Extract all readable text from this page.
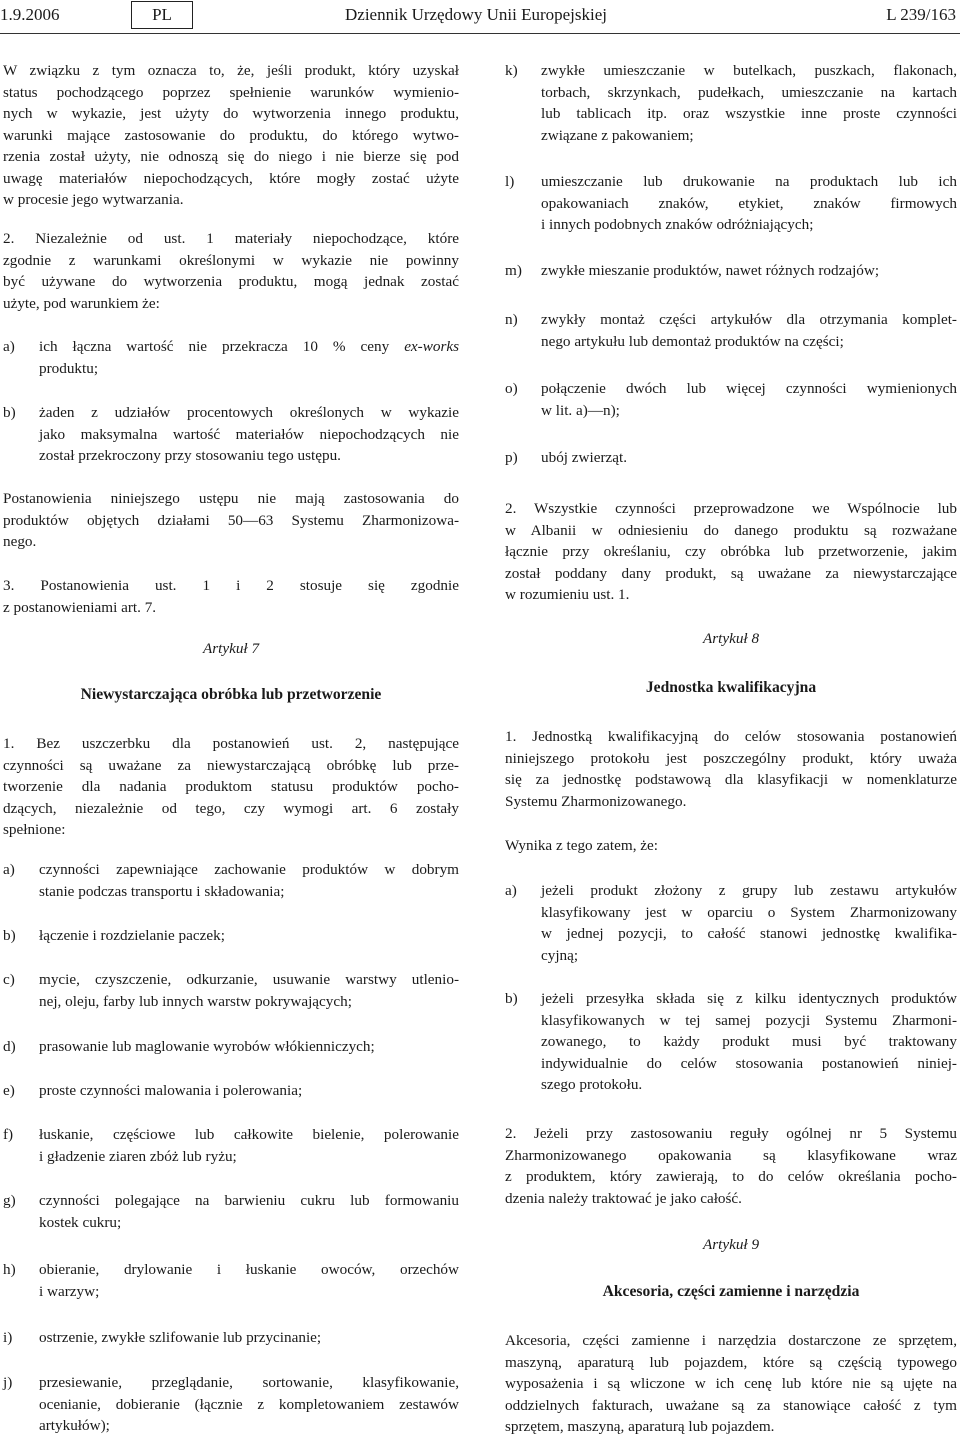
1.9.2006	PL	Dziennik Urzędowy Unii Europejskiej	L 239/163
W związku z tym oznacza to, że, jeśli produkt, który uzyskał
status pochodzącego poprzez spełnienie warunków wymienio-
nych w wykazie, jest użyty do wytworzenia innego produktu,
warunki mające zastosowanie do produktu, do którego wytwo-
rzenia został użyty, nie odnoszą się do niego i nie bierze się pod
uwagę materiałów niepochodzących, które mogły zostać użyte
w procesie jego wytwarzania.
2. Niezależnie od ust. 1 materiały niepochodzące, które
zgodnie z warunkami określonymi w wykazie nie powinny
być używane do wytworzenia produktu, mogą jednak zostać
użyte, pod warunkiem że:
a) ich łączna wartość nie przekracza 10 % ceny ex-works
produktu;
b) żaden z udziałów procentowych określonych w wykazie
jako maksymalna wartość materiałów niepochodzących nie
został przekroczony przy stosowaniu tego ustępu.
Postanowienia niniejszego ustępu nie mają zastosowania do
produktów objętych działami 50—63 Systemu Zharmonizowa-
nego.
3. Postanowienia ust. 1 i 2 stosuje się zgodnie
z postanowieniami art. 7.
Artykuł 7
Niewystarczająca obróbka lub przetworzenie
1. Bez uszczerbku dla postanowień ust. 2, następujące
czynności są uważane za niewystarczającą obróbkę lub prze-
tworzenie dla nadania produktom statusu produktów pocho-
dzących, niezależnie od tego, czy wymogi art. 6 zostały
spełnione:
a) czynności zapewniające zachowanie produktów w dobrym
stanie podczas transportu i składowania;
b) łączenie i rozdzielanie paczek;
c) mycie, czyszczenie, odkurzanie, usuwanie warstwy utlenio-
nej, oleju, farby lub innych warstw pokrywających;
d) prasowanie lub maglowanie wyrobów włókienniczych;
e) proste czynności malowania i polerowania;
f) łuskanie, częściowe lub całkowite bielenie, polerowanie
i gładzenie ziaren zbóż lub ryżu;
g) czynności polegające na barwieniu cukru lub formowaniu
kostek cukru;
h) obieranie, drylowanie i łuskanie owoców, orzechów
i warzyw;
i) ostrzenie, zwykłe szlifowanie lub przycinanie;
j) przesiewanie, przeglądanie, sortowanie, klasyfikowanie,
ocenianie, dobieranie (łącznie z kompletowaniem zestawów
artykułów);
k) zwykłe umieszczanie w butelkach, puszkach, flakonach,
torbach, skrzynkach, pudełkach, umieszczanie na kartach
lub tablicach itp. oraz wszystkie inne proste czynności
związane z pakowaniem;
l) umieszczanie lub drukowanie na produktach lub ich
opakowaniach znaków, etykiet, znaków firmowych
i innych podobnych znaków odróżniających;
m) zwykłe mieszanie produktów, nawet różnych rodzajów;
n) zwykły montaż części artykułów dla otrzymania komplet-
nego artykułu lub demontaż produktów na części;
o) połączenie dwóch lub więcej czynności wymienionych
w lit. a)—n);
p) ubój zwierząt.
2. Wszystkie czynności przeprowadzone we Wspólnocie lub
w Albanii w odniesieniu do danego produktu są rozważane
łącznie przy określaniu, czy obróbka lub przetworzenie, jakim
został poddany dany produkt, są uważane za niewystarczające
w rozumieniu ust. 1.
Artykuł 8
Jednostka kwalifikacyjna
1. Jednostką kwalifikacyjną do celów stosowania postanowień
niniejszego protokołu jest poszczególny produkt, który uważa
się za jednostkę podstawową dla klasyfikacji w nomenklaturze
Systemu Zharmonizowanego.
Wynika z tego zatem, że:
a) jeżeli produkt złożony z grupy lub zestawu artykułów
klasyfikowany jest w oparciu o System Zharmonizowany
w jednej pozycji, to całość stanowi jednostkę kwalifika-
cyjną;
b) jeżeli przesyłka składa się z kilku identycznych produktów
klasyfikowanych w tej samej pozycji Systemu Zharmoni-
zowanego, to każdy produkt musi być traktowany
indywidualnie do celów stosowania postanowień niniej-
szego protokołu.
2. Jeżeli przy zastosowaniu reguły ogólnej nr 5 Systemu
Zharmonizowanego opakowania są klasyfikowane wraz
z produktem, który zawierają, to do celów określania pocho-
dzenia należy traktować je jako całość.
Artykuł 9
Akcesoria, części zamienne i narzędzia
Akcesoria, części zamienne i narzędzia dostarczone ze sprzętem,
maszyną, aparaturą lub pojazdem, które są częścią typowego
wyposażenia i są wliczone w ich cenę lub które nie są ujęte na
oddzielnych fakturach, uważane są za stanowiące całość z tym
sprzętem, maszyną, aparaturą lub pojazdem.
